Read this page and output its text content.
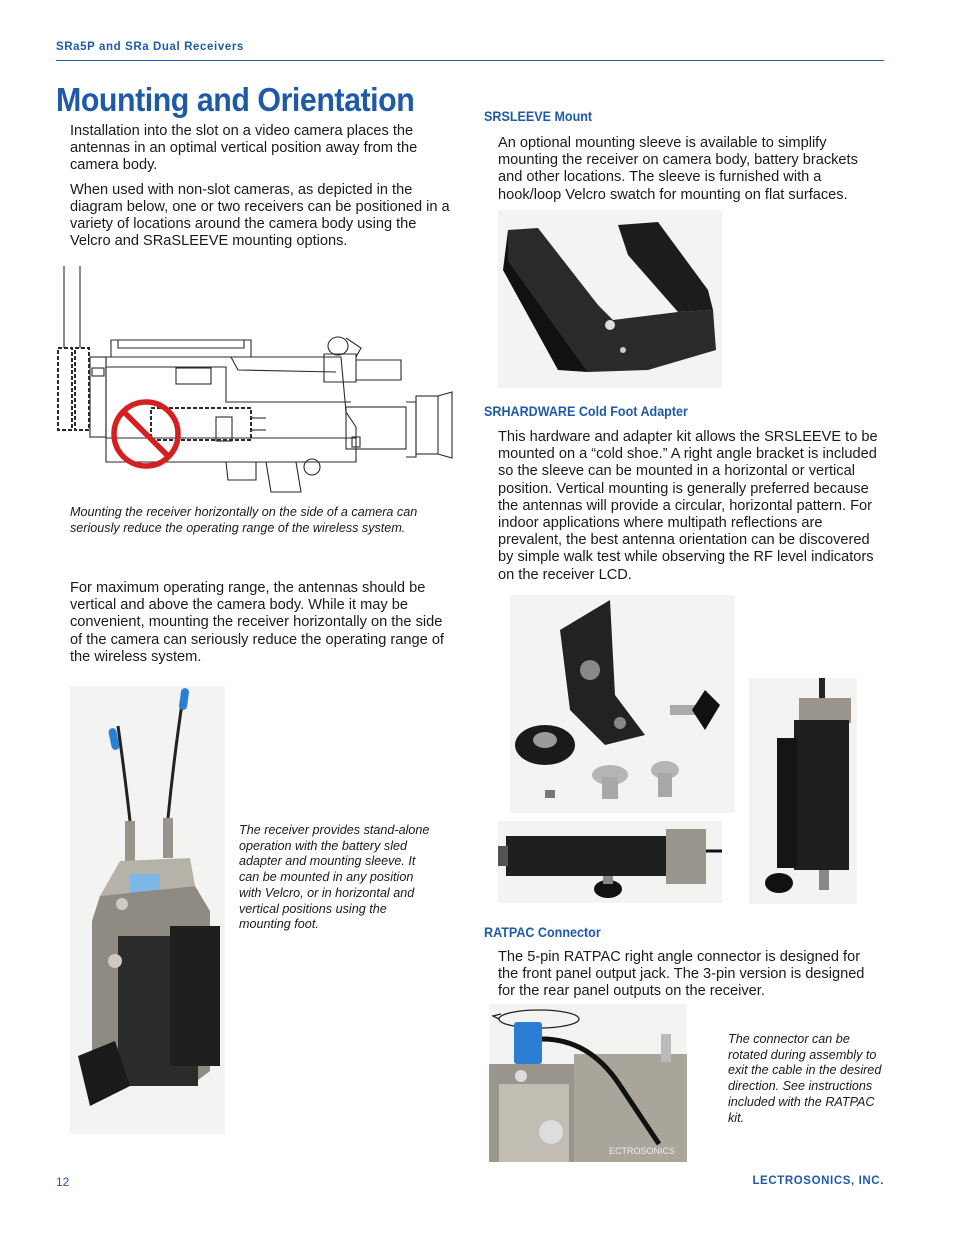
SRa5P and SRa Dual Receivers
Mounting and Orientation

Installation into the slot on a video camera places the antennas in an optimal vertical position away from the camera body.

When used with non-slot cameras, as depicted in the diagram below, one or two receivers can be positioned in a variety of locations around the camera body using the Velcro and SRaSLEEVE mounting options.

Mounting the receiver horizontally on the side of a camera can seriously reduce the operating range of the wireless system.

For maximum operating range, the antennas should be vertical and above the camera body. While it may be convenient, mounting the receiver horizontally on the side of the camera can seriously reduce the operating range of the wireless system.

The receiver provides stand-alone operation with the battery sled adapter and mounting sleeve. It can be mounted in any position with Velcro, or in horizontal and vertical positions using the mounting foot.

SRSLEEVE Mount

An optional mounting sleeve is available to simplify mounting the receiver on camera body, battery brackets and other locations. The sleeve is furnished with a hook/loop Velcro swatch for mounting on flat surfaces.

SRHARDWARE Cold Foot Adapter

This hardware and adapter kit allows the SRSLEEVE to be mounted on a “cold shoe.” A right angle bracket is included so the sleeve can be mounted in a horizontal or vertical position. Vertical mounting is generally preferred because the antennas will provide a circular, horizontal pattern. For indoor applications where multipath reflections are prevalent, the best antenna orientation can be discovered by simple walk test while observing the RF level indicators on the receiver LCD.

RATPAC Connector

The 5-pin RATPAC right angle connector is designed for the front panel output jack. The 3-pin version is designed for the rear panel outputs on the receiver.

ECTROSONICS

The connector can be rotated during assembly to exit the cable in the desired direction. See instructions included with the RATPAC kit.

12	LECTROSONICS, INC.
